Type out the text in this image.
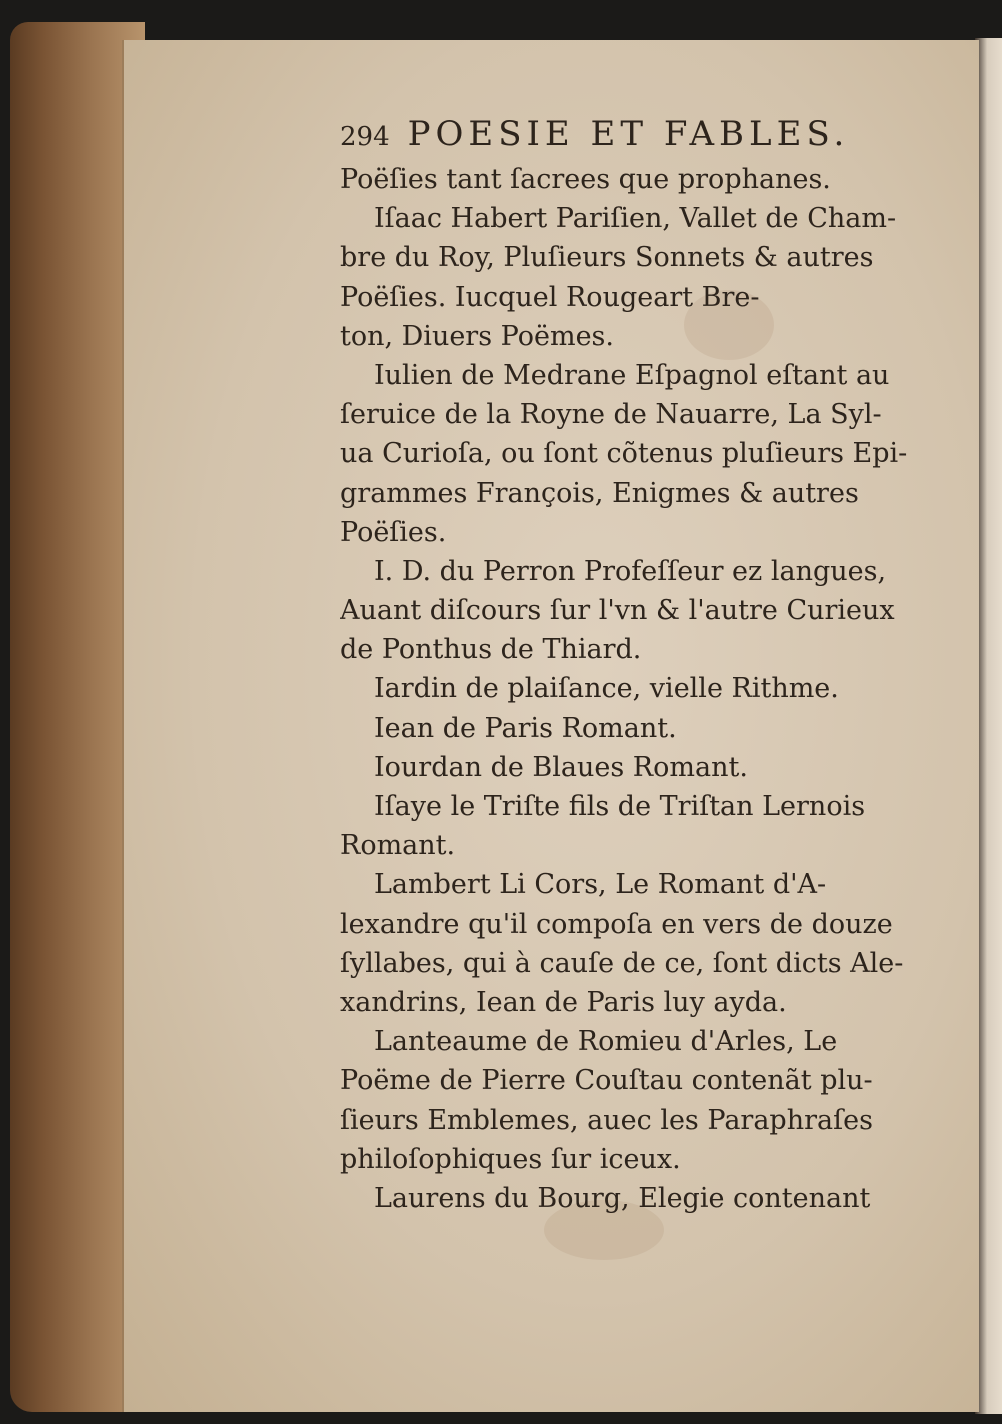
294 POESIE ET FABLES.
Poëſies tant ſacrees que prophanes.
Iſaac Habert Pariſien, Vallet de Cham-
bre du Roy, Pluſieurs Sonnets & autres
Poëſies. Iucquel Rougeart Bre-
ton, Diuers Poëmes.
Iulien de Medrane Eſpagnol eſtant au
ſeruice de la Royne de Nauarre, La Syl-
ua Curioſa, ou ſont cõtenus pluſieurs Epi-
grammes François, Enigmes & autres
Poëſies.
I. D. du Perron Profeſſeur ez langues,
Auant diſcours ſur l'vn & l'autre Curieux
de Ponthus de Thiard.
Iardin de plaiſance, vielle Rithme.
Iean de Paris Romant.
Iourdan de Blaues Romant.
Iſaye le Triſte fils de Triſtan Lernois
Romant.
Lambert Li Cors, Le Romant d'A-
lexandre qu'il compoſa en vers de douze
ſyllabes, qui à cauſe de ce, ſont dicts Ale-
xandrins, Iean de Paris luy ayda.
Lanteaume de Romieu d'Arles, Le
Poëme de Pierre Couſtau contenãt plu-
ſieurs Emblemes, auec les Paraphraſes
philoſophiques ſur iceux.
Laurens du Bourg, Elegie contenant
